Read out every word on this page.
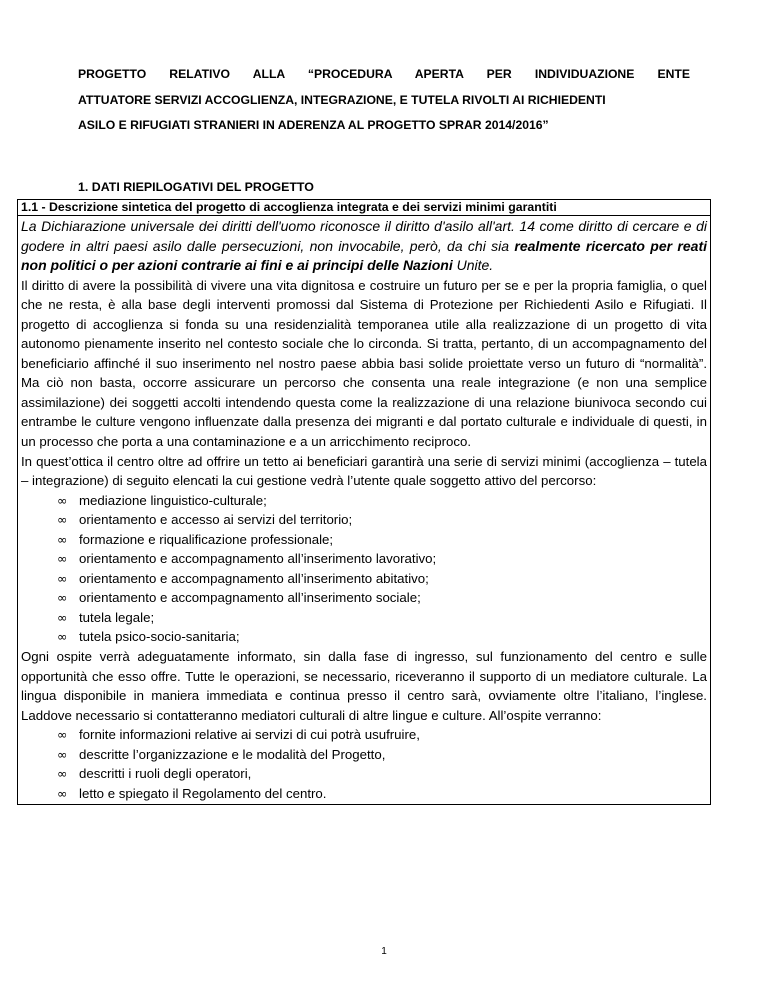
PROGETTO RELATIVO ALLA “PROCEDURA APERTA PER INDIVIDUAZIONE ENTE
ATTUATORE SERVIZI ACCOGLIENZA, INTEGRAZIONE, E TUTELA RIVOLTI AI RICHIEDENTI
ASILO E RIFUGIATI STRANIERI IN ADERENZA AL PROGETTO SPRAR 2014/2016”
1. DATI RIEPILOGATIVI DEL PROGETTO
1.1 - Descrizione sintetica del progetto di accoglienza integrata e dei servizi minimi garantiti

La Dichiarazione universale dei diritti dell'uomo riconosce il diritto d'asilo all'art. 14 come diritto di cercare e di godere in altri paesi asilo dalle persecuzioni, non invocabile, però, da chi sia realmente ricercato per reati non politici o per azioni contrarie ai fini e ai principi delle Nazioni Unite.

Il diritto di avere la possibilità di vivere una vita dignitosa e costruire un futuro per se e per la propria famiglia, o quel che ne resta, è alla base degli interventi promossi dal Sistema di Protezione per Richiedenti Asilo e Rifugiati. Il progetto di accoglienza si fonda su una residenzialità temporanea utile alla realizzazione di un progetto di vita autonomo pienamente inserito nel contesto sociale che lo circonda. Si tratta, pertanto, di un accompagnamento del beneficiario affinché il suo inserimento nel nostro paese abbia basi solide proiettate verso un futuro di “normalità”. Ma ciò non basta, occorre assicurare un percorso che consenta una reale integrazione (e non una semplice assimilazione) dei soggetti accolti intendendo questa come la realizzazione di una relazione biunivoca secondo cui entrambe le culture vengono influenzate dalla presenza dei migranti e dal portato culturale e individuale di questi, in un processo che porta a una contaminazione e a un arricchimento reciproco.

In quest’ottica il centro oltre ad offrire un tetto ai beneficiari garantirà una serie di servizi minimi (accoglienza – tutela – integrazione) di seguito elencati la cui gestione vedrà l’utente quale soggetto attivo del percorso:

∞ mediazione linguistico-culturale;
∞ orientamento e accesso ai servizi del territorio;
∞ formazione e riqualificazione professionale;
∞ orientamento e accompagnamento all’inserimento lavorativo;
∞ orientamento e accompagnamento all’inserimento abitativo;
∞ orientamento e accompagnamento all’inserimento sociale;
∞ tutela legale;
∞ tutela psico-socio-sanitaria;

Ogni ospite verrà adeguatamente informato, sin dalla fase di ingresso, sul funzionamento del centro e sulle opportunità che esso offre. Tutte le operazioni, se necessario, riceveranno il supporto di un mediatore culturale. La lingua disponibile in maniera immediata e continua presso il centro sarà, ovviamente oltre l’italiano, l’inglese. Laddove necessario si contatteranno mediatori culturali di altre lingue e culture. All’ospite verranno:

∞ fornite informazioni relative ai servizi di cui potrà usufruire,
∞ descritte l’organizzazione e le modalità del Progetto,
∞ descritti i ruoli degli operatori,
∞ letto e spiegato il Regolamento del centro.
1
